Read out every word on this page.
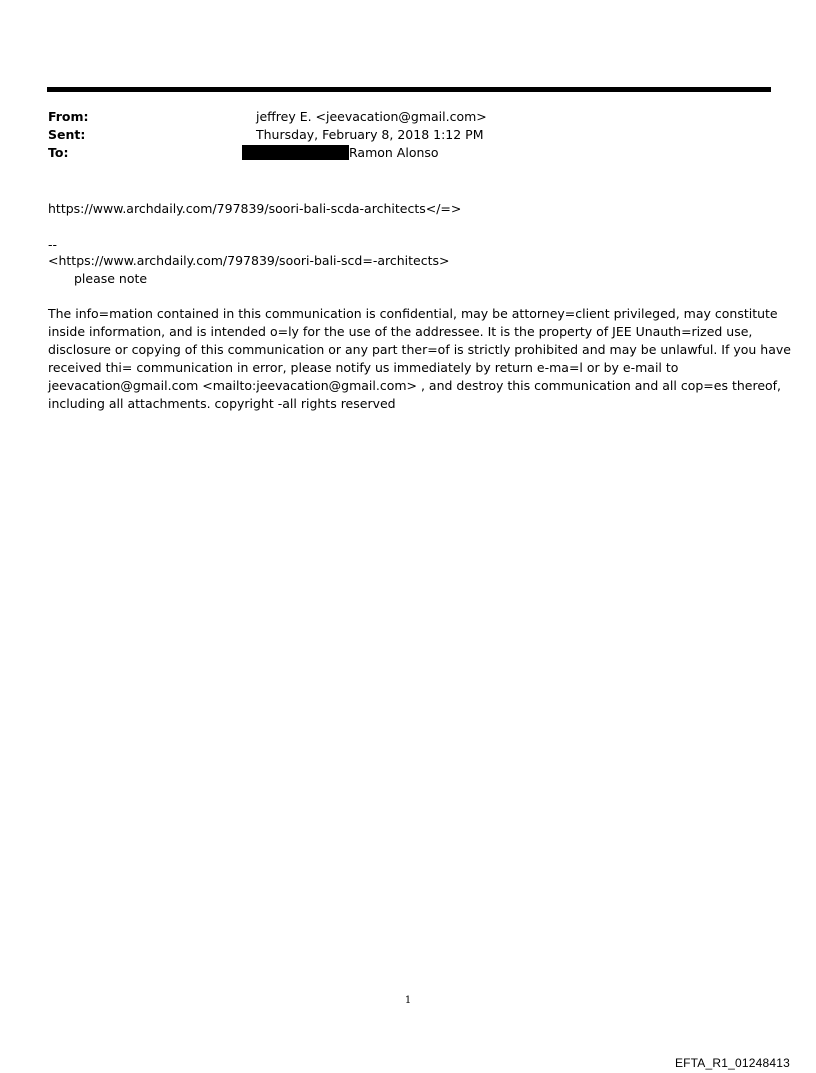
From:	jeffrey E. <jeevacation@gmail.com>
Sent:	Thursday, February 8, 2018 1:12 PM
To:	Ramon Alonso
https://www.archdaily.com/797839/soori-bali-scda-architects</=>
--
<https://www.archdaily.com/797839/soori-bali-scd=-architects>
please note
The info=mation contained in this communication is confidential, may be attorney=client privileged, may constitute
inside information, and is intended o=ly for the use of the addressee. It is the property of JEE Unauth=rized use,
disclosure or copying of this communication or any part ther=of is strictly prohibited and may be unlawful. If you have
received thi= communication in error, please notify us immediately by return e-ma=l or by e-mail to
jeevacation@gmail.com <mailto:jeevacation@gmail.com> , and destroy this communication and all cop=es thereof,
including all attachments. copyright -all rights reserved
1
EFTA_R1_01248413
